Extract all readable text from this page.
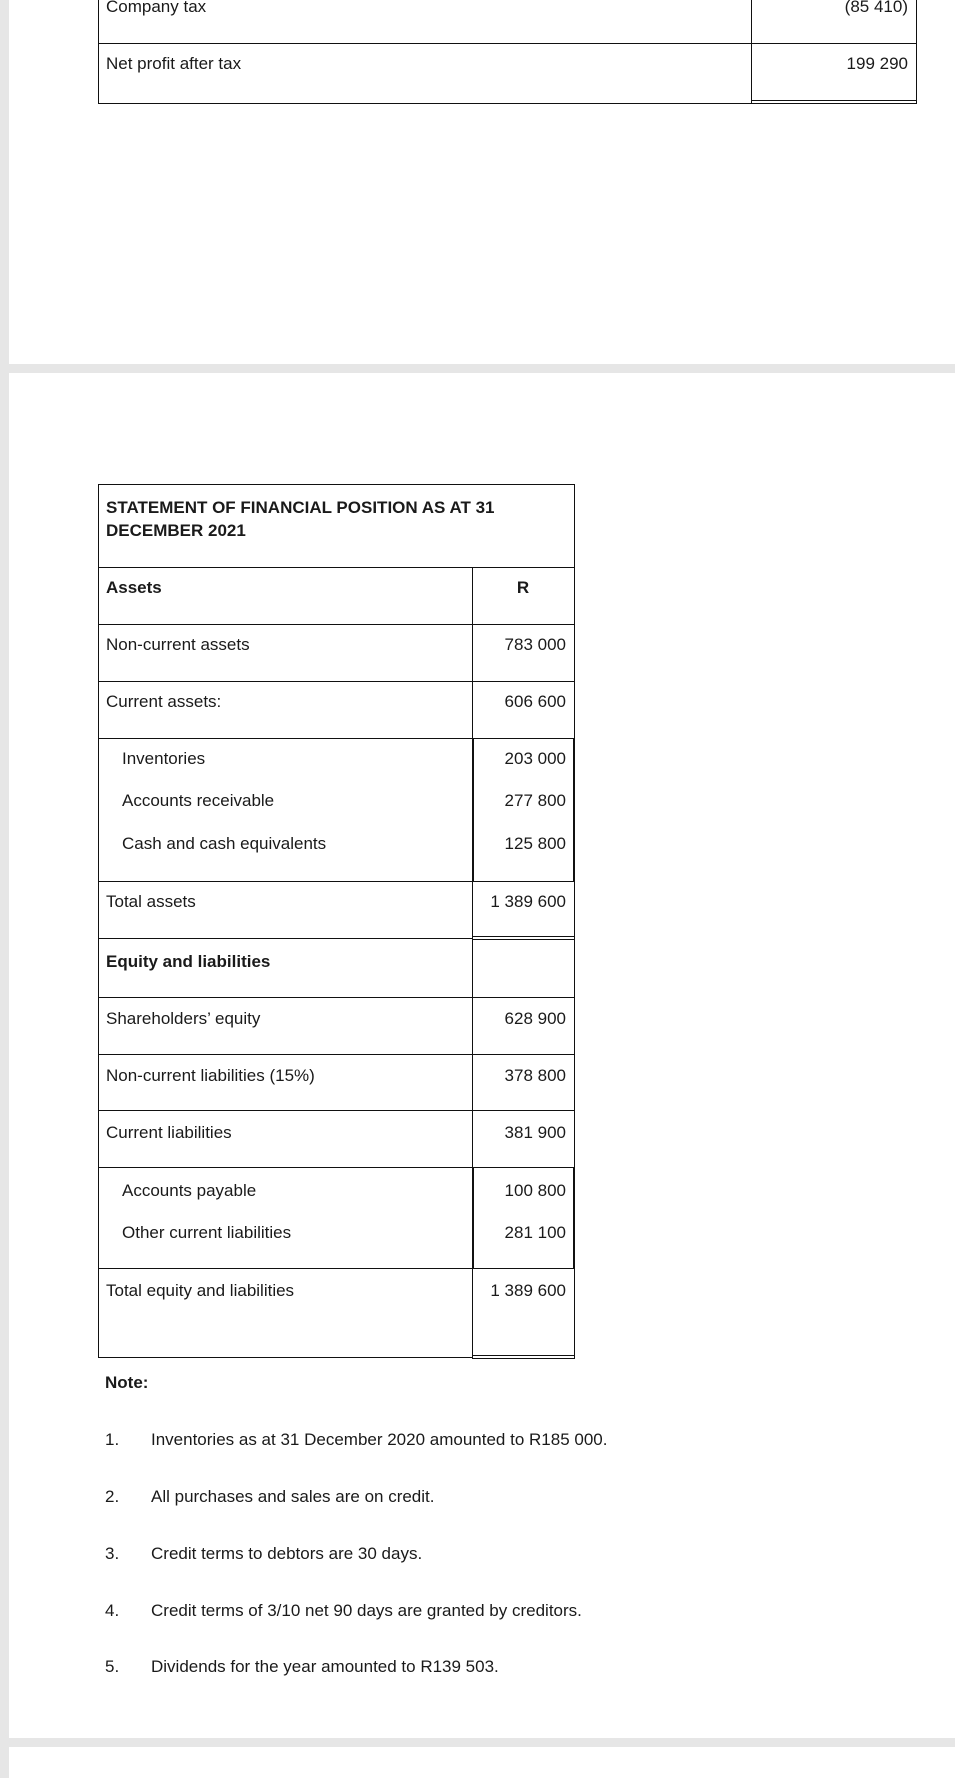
Company tax	(85 410)
Net profit after tax	199 290
STATEMENT OF FINANCIAL POSITION AS AT 31 DECEMBER 2021
Assets	R
Non-current assets	783 000
Current assets:	606 600
Inventories	203 000
Accounts receivable	277 800
Cash and cash equivalents	125 800
Total assets	1 389 600
Equity and liabilities
Shareholders’ equity	628 900
Non-current liabilities (15%)	378 800
Current liabilities	381 900
Accounts payable	100 800
Other current liabilities	281 100
Total equity and liabilities	1 389 600
Note:
1. Inventories as at 31 December 2020 amounted to R185 000.
2. All purchases and sales are on credit.
3. Credit terms to debtors are 30 days.
4. Credit terms of 3/10 net 90 days are granted by creditors.
5. Dividends for the year amounted to R139 503.
